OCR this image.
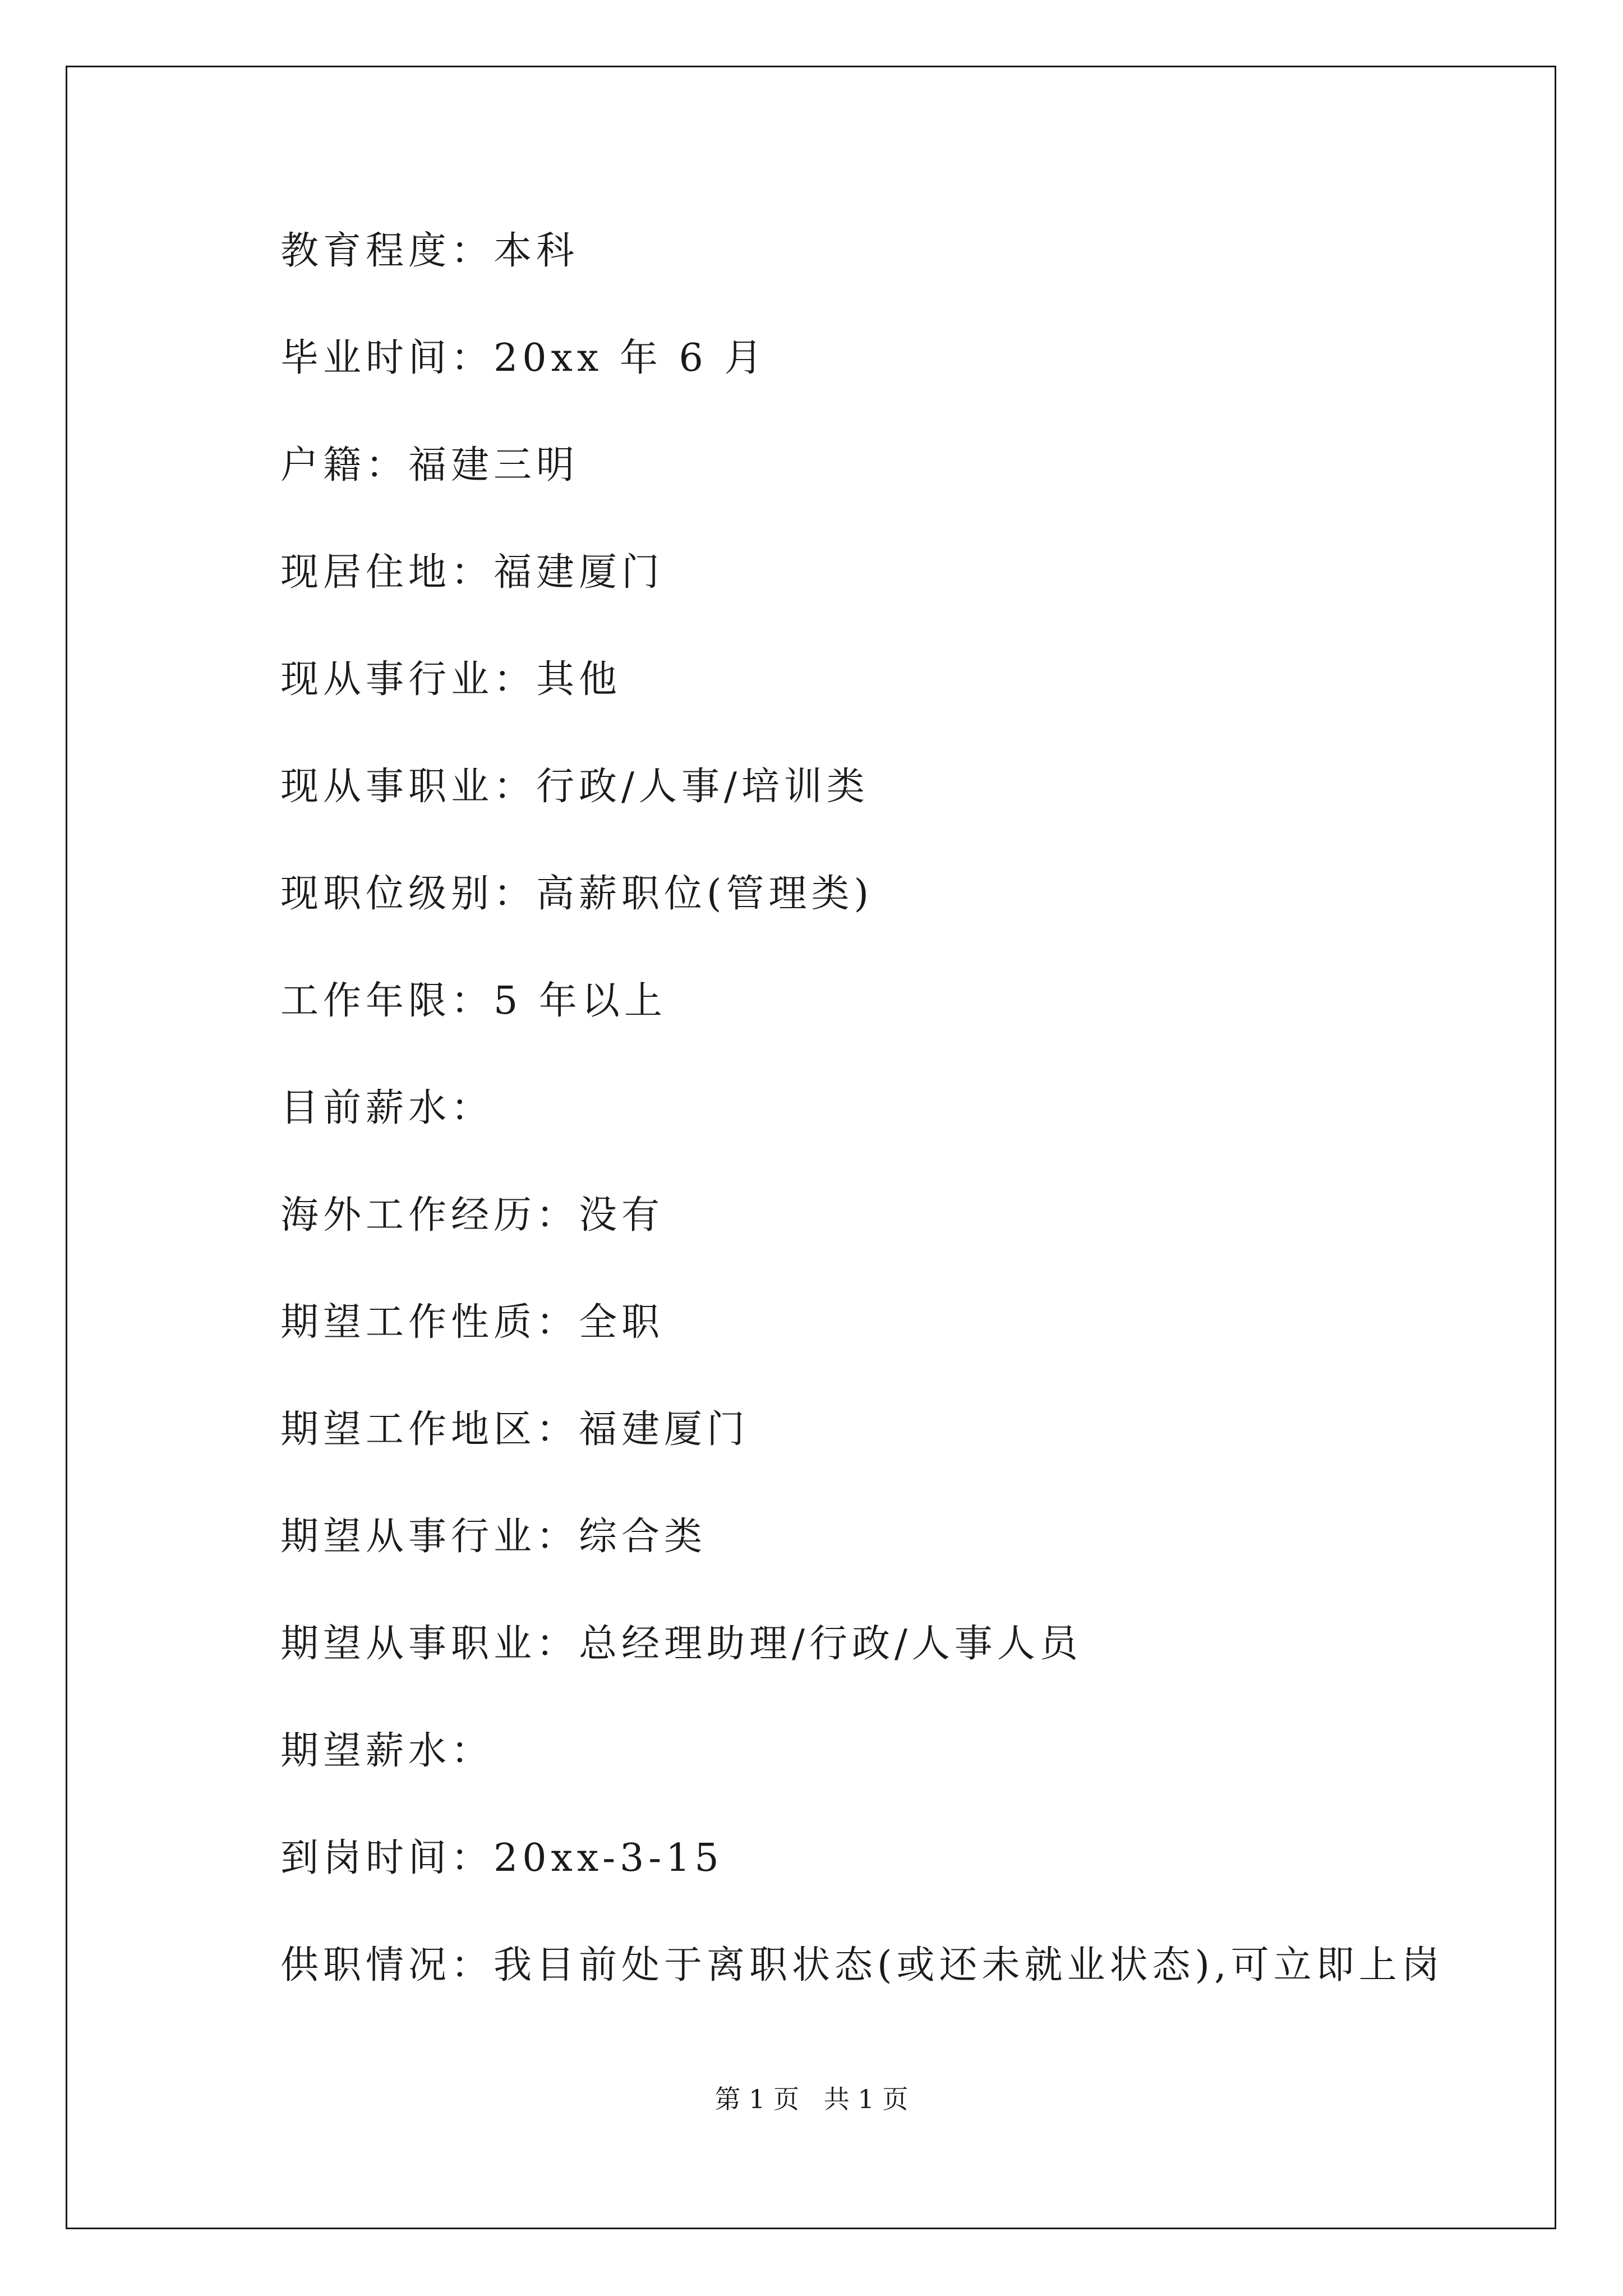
教育程度：本科
毕业时间：20xx 年 6 月
户籍：福建三明
现居住地：福建厦门
现从事行业：其他
现从事职业：行政/人事/培训类
现职位级别：高薪职位(管理类)
工作年限：5 年以上
目前薪水：
海外工作经历：没有
期望工作性质：全职
期望工作地区：福建厦门
期望从事行业：综合类
期望从事职业：总经理助理/行政/人事人员
期望薪水：
到岗时间：20xx-3-15
供职情况：我目前处于离职状态(或还未就业状态),可立即上岗
第 1 页   共 1 页
